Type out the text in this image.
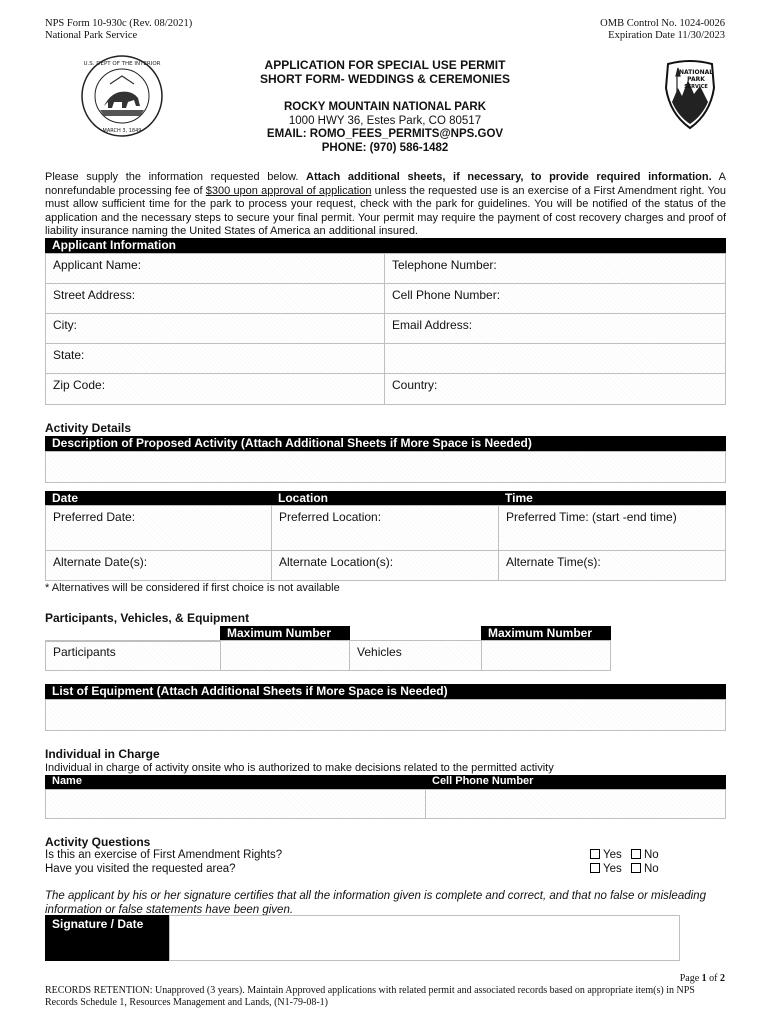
NPS Form 10-930c (Rev. 08/2021)
National Park Service
OMB Control No. 1024-0026
Expiration Date 11/30/2023
U.S. DEPT OF THE INTERIOR
MARCH 3, 1849
NATIONAL
PARK
SERVICE
APPLICATION FOR SPECIAL USE PERMIT
SHORT FORM- WEDDINGS & CEREMONIES
ROCKY MOUNTAIN NATIONAL PARK
1000 HWY 36, Estes Park, CO 80517
EMAIL: ROMO_FEES_PERMITS@NPS.GOV
PHONE: (970) 586-1482
Please supply the information requested below. Attach additional sheets, if necessary, to provide required information. A nonrefundable processing fee of $300 upon approval of application unless the requested use is an exercise of a First Amendment right. You must allow sufficient time for the park to process your request, check with the park for guidelines. You will be notified of the status of the application and the necessary steps to secure your final permit. Your permit may require the payment of cost recovery charges and proof of liability insurance naming the United States of America an additional insured.
Applicant Information
Applicant Name:	Telephone Number:
Street Address:	Cell Phone Number:
City:	Email Address:
State:
Zip Code:	Country:
Activity Details
Description of Proposed Activity (Attach Additional Sheets if More Space is Needed)
Date	Location	Time
Preferred Date:	Preferred Location:	Preferred Time: (start -end time)
Alternate Date(s):	Alternate Location(s):	Alternate Time(s):
* Alternatives will be considered if first choice is not available
Participants, Vehicles, & Equipment
Maximum Number	Maximum Number
Participants	Vehicles
List of Equipment (Attach Additional Sheets if More Space is Needed)
Individual in Charge
Individual in charge of activity onsite who is authorized to make decisions related to the permitted activity
Name	Cell Phone Number
Activity Questions
Is this an exercise of First Amendment Rights?
Have you visited the requested area?
Yes No
Yes No
The applicant by his or her signature certifies that all the information given is complete and correct, and that no false or misleading information or false statements have been given.
Signature / Date
Page 1 of 2
RECORDS RETENTION: Unapproved (3 years). Maintain Approved applications with related permit and associated records based on appropriate item(s) in NPS Records Schedule 1, Resources Management and Lands, (N1-79-08-1)
